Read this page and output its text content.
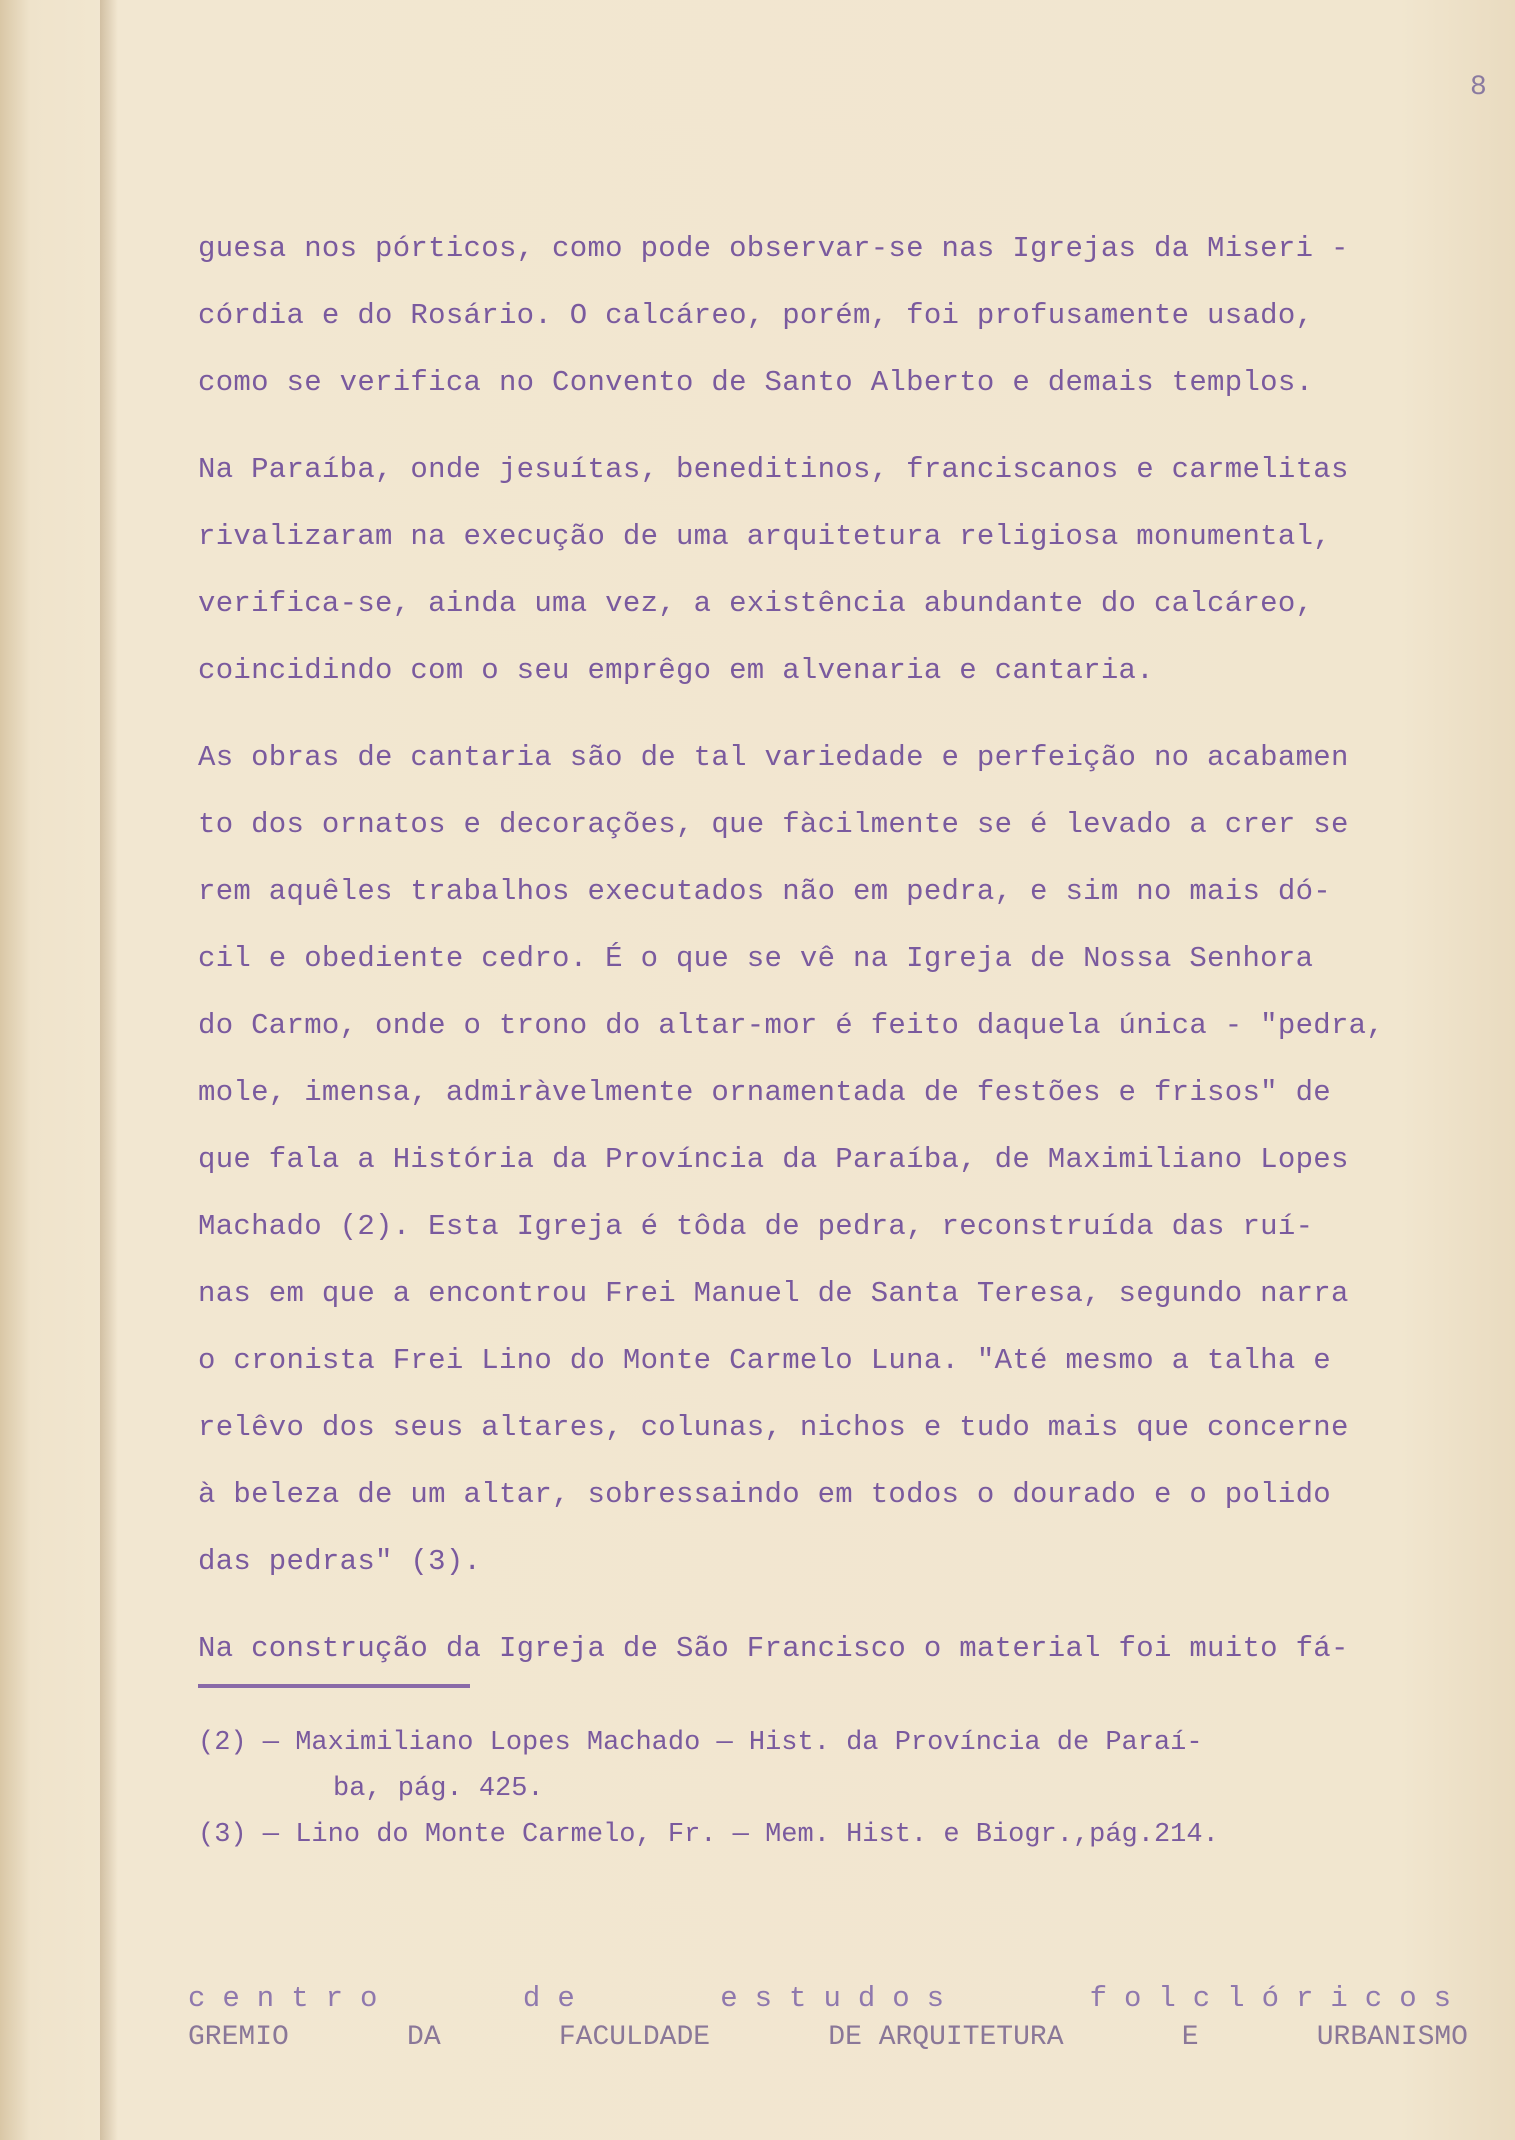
8
guesa nos pórticos, como pode observar-se nas Igrejas da Miseri -
córdia e do Rosário. O calcáreo, porém, foi profusamente usado,
como se verifica no Convento de Santo Alberto e demais templos.
Na Paraíba, onde jesuítas, beneditinos, franciscanos e carmelitas
rivalizaram na execução de uma arquitetura religiosa monumental,
verifica-se, ainda uma vez, a existência abundante do calcáreo,
coincidindo com o seu emprêgo em alvenaria e cantaria.
As obras de cantaria são de tal variedade e perfeição no acabamen
to dos ornatos e decorações, que fàcilmente se é levado a crer se
rem aquêles trabalhos executados não em pedra, e sim no mais dó-
cil e obediente cedro. É o que se vê na Igreja de Nossa Senhora
do Carmo, onde o trono do altar-mor é feito daquela única - "pedra,
mole, imensa, admiràvelmente ornamentada de festões e frisos" de
que fala a História da Província da Paraíba, de Maximiliano Lopes
Machado (2). Esta Igreja é tôda de pedra, reconstruída das ruí-
nas em que a encontrou Frei Manuel de Santa Teresa, segundo narra
o cronista Frei Lino do Monte Carmelo Luna. "Até mesmo a talha e
relêvo dos seus altares, colunas, nichos e tudo mais que concerne
à beleza de um altar, sobressaindo em todos o dourado e o polido
das pedras" (3).
Na construção da Igreja de São Francisco o material foi muito fá-
(2) — Maximiliano Lopes Machado — Hist. da Província de Paraí-
ba, pág. 425.
(3) — Lino do Monte Carmelo, Fr. — Mem. Hist. e Biogr.,pág.214.
centro	de	estudos	folclóricos
GREMIO	DA	FACULDADE	DE ARQUITETURA	E	URBANISMO
